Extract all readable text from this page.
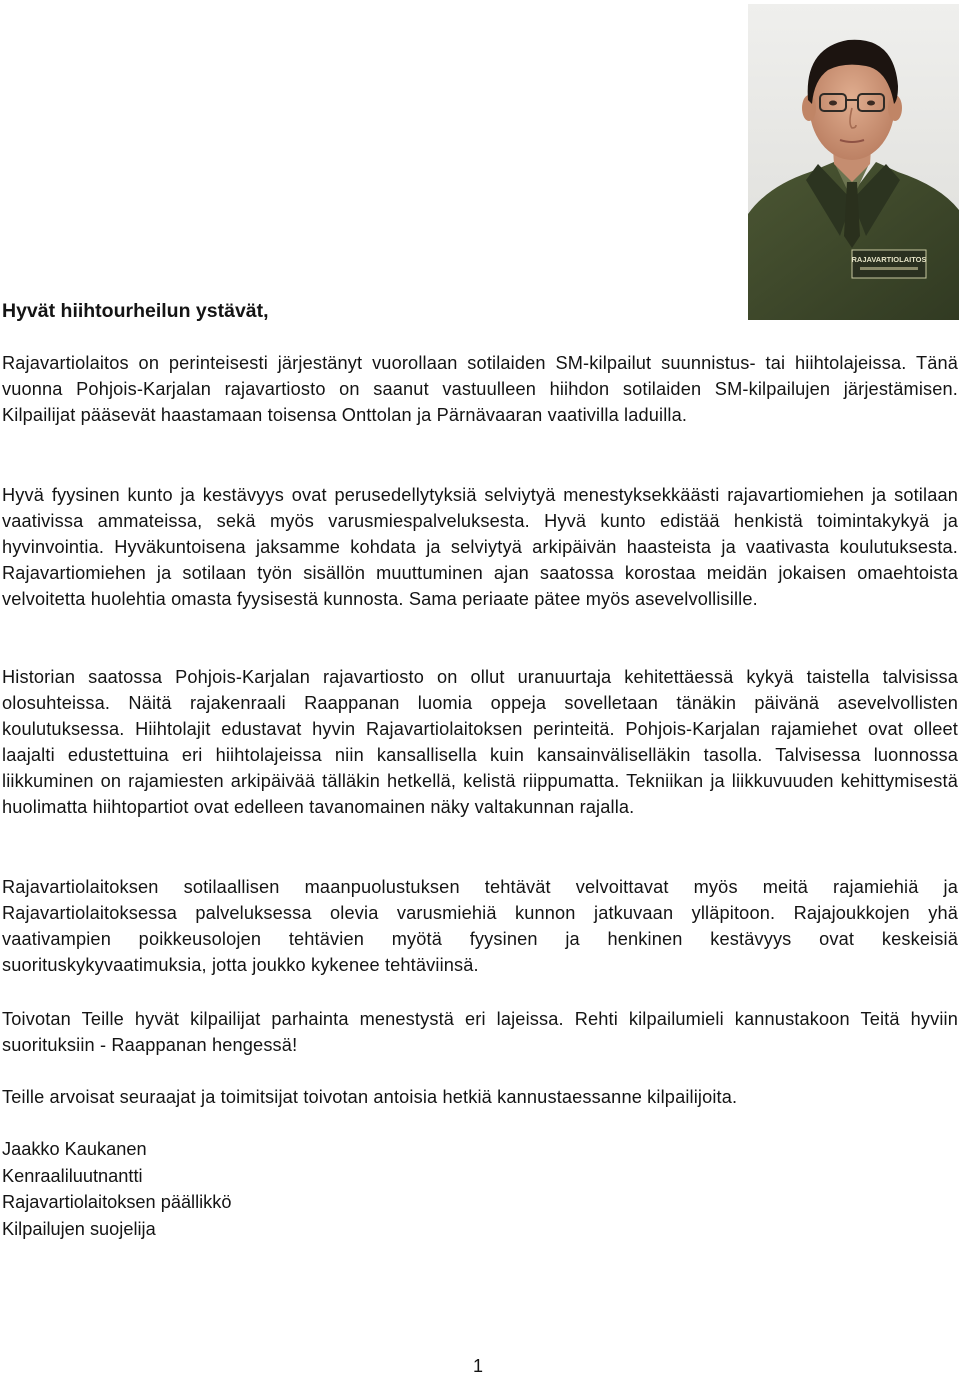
RAJAVARTIOLAITOS
Hyvät hiihtourheilun ystävät,

Rajavartiolaitos on perinteisesti järjestänyt vuorollaan sotilaiden SM-kilpailut suunnistus- tai hiihtolajeissa. Tänä vuonna Pohjois-Karjalan rajavartiosto on saanut vastuulleen hiihdon sotilaiden SM-kilpailujen järjestämisen. Kilpailijat pääsevät haastamaan toisensa Onttolan ja Pärnävaaran vaativilla laduilla.

Hyvä fyysinen kunto ja kestävyys ovat perusedellytyksiä selviytyä menestyksekkäästi rajavartiomiehen ja sotilaan vaativissa ammateissa, sekä myös varusmiespalveluksesta. Hyvä kunto edistää henkistä toimintakykyä ja hyvinvointia. Hyväkuntoisena jaksamme kohdata ja selviytyä arkipäivän haasteista ja vaativasta koulutuksesta. Rajavartiomiehen ja sotilaan työn sisällön muuttuminen ajan saatossa korostaa meidän jokaisen omaehtoista velvoitetta huolehtia omasta fyysisestä kunnosta. Sama periaate pätee myös asevelvollisille.

Historian saatossa Pohjois-Karjalan rajavartiosto on ollut uranuurtaja kehitettäessä kykyä taistella talvisissa olosuhteissa. Näitä rajakenraali Raappanan luomia oppeja sovelletaan tänäkin päivänä asevelvollisten koulutuksessa. Hiihtolajit edustavat hyvin Rajavartiolaitoksen perinteitä. Pohjois-Karjalan rajamiehet ovat olleet laajalti edustettuina eri hiihtolajeissa niin kansallisella kuin kansainväliselläkin tasolla. Talvisessa luonnossa liikkuminen on rajamiesten arkipäivää tälläkin hetkellä, kelistä riippumatta. Tekniikan ja liikkuvuuden kehittymisestä huolimatta hiihtopartiot ovat edelleen tavanomainen näky valtakunnan rajalla.

Rajavartiolaitoksen sotilaallisen maanpuolustuksen tehtävät velvoittavat myös meitä rajamiehiä ja Rajavartiolaitoksessa palveluksessa olevia varusmiehiä kunnon jatkuvaan ylläpitoon. Rajajoukkojen yhä vaativampien poikkeusolojen tehtävien myötä fyysinen ja henkinen kestävyys ovat keskeisiä suorituskykyvaatimuksia, jotta joukko kykenee tehtäviinsä.

Toivotan Teille hyvät kilpailijat parhainta menestystä eri lajeissa. Rehti kilpailumieli kannustakoon Teitä hyviin suorituksiin - Raappanan hengessä!

Teille arvoisat seuraajat ja toimitsijat toivotan antoisia hetkiä kannustaessanne kilpailijoita.

Jaakko Kaukanen
Kenraaliluutnantti
Rajavartiolaitoksen päällikkö
Kilpailujen suojelija
1
